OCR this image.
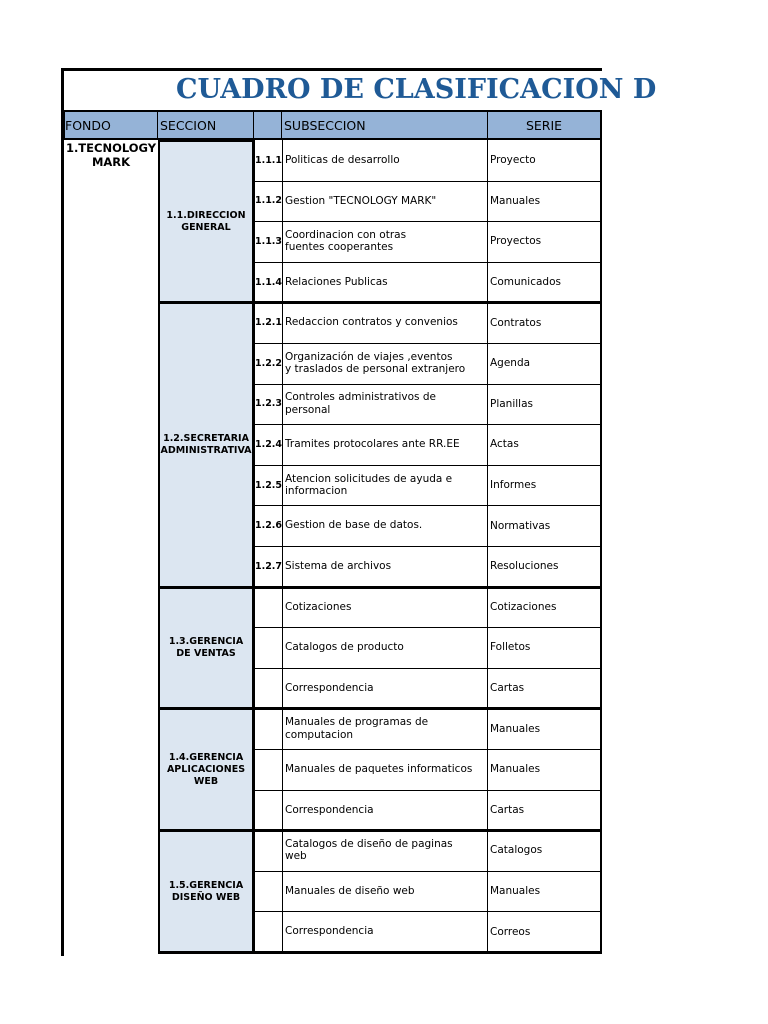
CUADRO DE CLASIFICACION D
FONDO	SECCION	SUBSECCION	SERIE
1.TECNOLOGY MARK
1.1.DIRECCION GENERAL
1.1.1 Politicas de desarrollo	Proyecto
1.1.2 Gestion "TECNOLOGY MARK"	Manuales
1.1.3
Coordinacion con otras
fuentes cooperantes	Proyectos
1.1.4 Relaciones Publicas	Comunicados
1.2.SECRETARIA ADMINISTRATIVA
1.2.1 Redaccion contratos y convenios	Contratos
1.2.2
Organización de viajes ,eventos
y traslados de personal extranjero	Agenda
1.2.3
Controles administrativos de
personal	Planillas
1.2.4 Tramites protocolares ante RR.EE	Actas
1.2.5
Atencion solicitudes de ayuda e
informacion	Informes
1.2.6 Gestion de base de datos.	Normativas
1.2.7 Sistema de archivos	Resoluciones
1.3.GERENCIA DE VENTAS
Cotizaciones	Cotizaciones
Catalogos de producto	Folletos
Correspondencia	Cartas
1.4.GERENCIA APLICACIONES WEB
Manuales de programas de
computacion	Manuales
Manuales de paquetes informaticos	Manuales
Correspondencia	Cartas
1.5.GERENCIA DISEÑO WEB
Catalogos de diseño de paginas
web	Catalogos
Manuales de diseño web	Manuales
Correspondencia	Correos
